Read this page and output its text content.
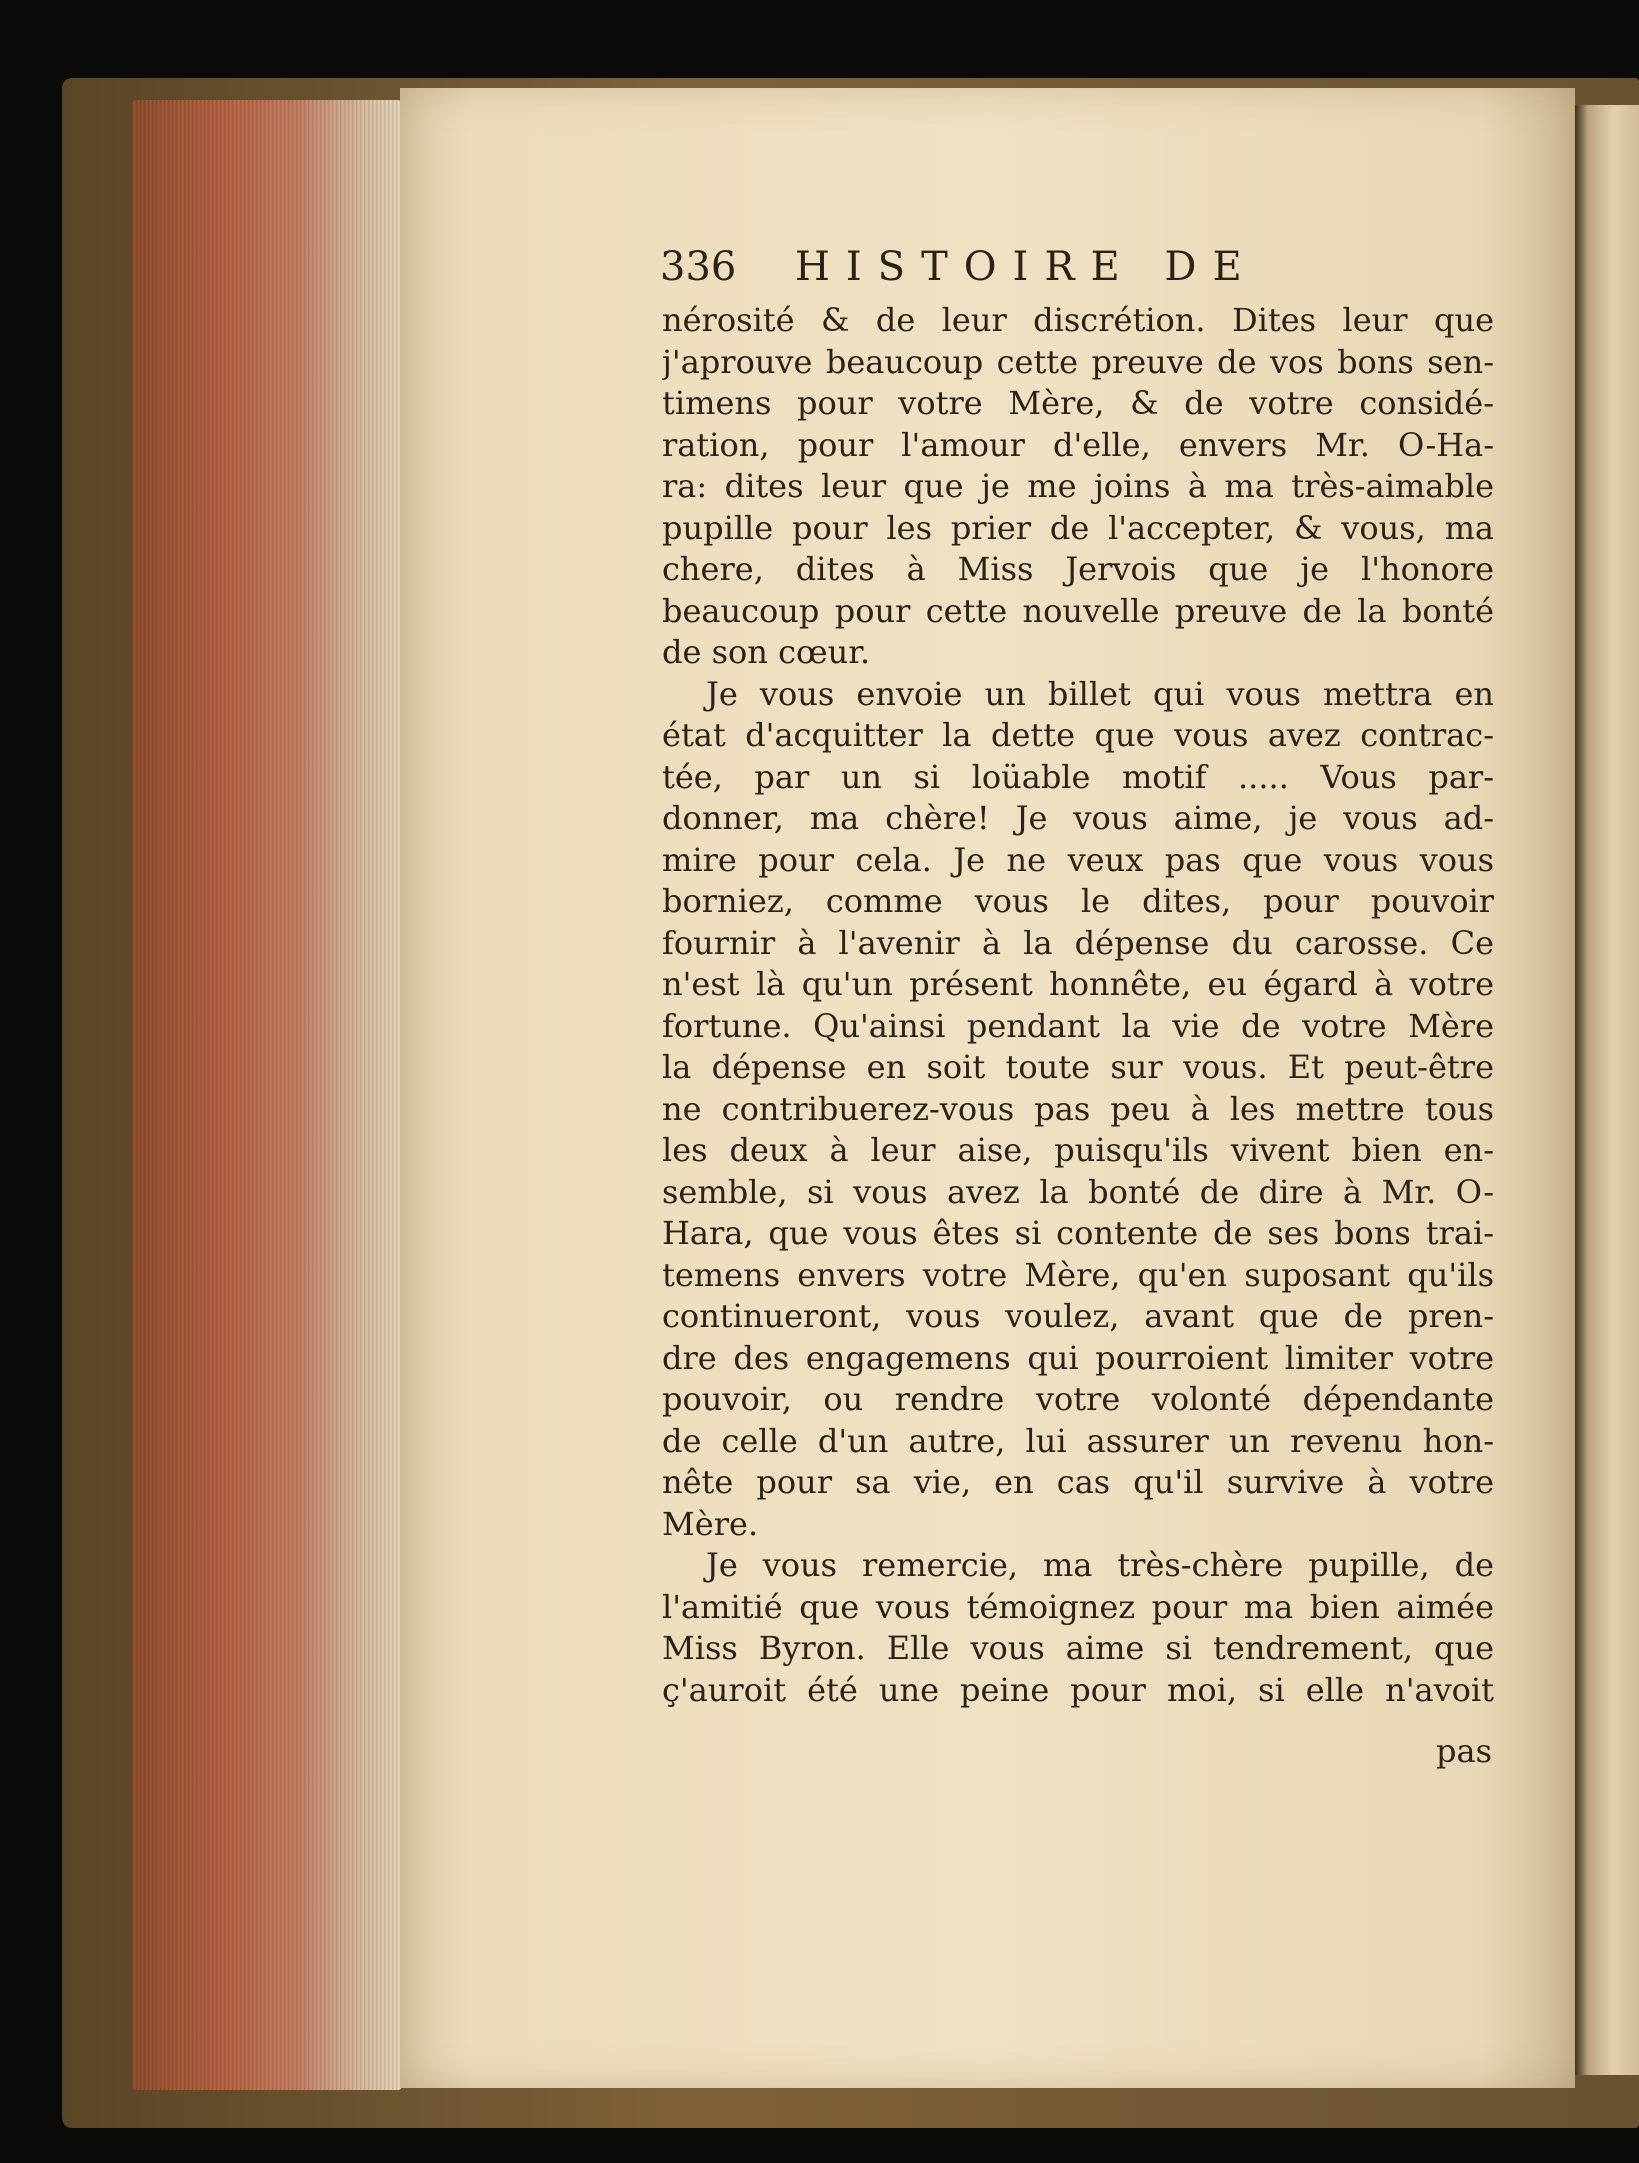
336 HISTOIRE DE
nérosité & de leur discrétion. Dites leur que
j'aprouve beaucoup cette preuve de vos bons sen-
timens pour votre Mère, & de votre considé-
ration, pour l'amour d'elle, envers Mr. O-Ha-
ra: dites leur que je me joins à ma très-aimable
pupille pour les prier de l'accepter, & vous, ma
chere, dites à Miss Jervois que je l'honore
beaucoup pour cette nouvelle preuve de la bonté
de son cœur.
Je vous envoie un billet qui vous mettra en
état d'acquitter la dette que vous avez contrac-
tée, par un si loüable motif ..... Vous par-
donner, ma chère! Je vous aime, je vous ad-
mire pour cela. Je ne veux pas que vous vous
borniez, comme vous le dites, pour pouvoir
fournir à l'avenir à la dépense du carosse. Ce
n'est là qu'un présent honnête, eu égard à votre
fortune. Qu'ainsi pendant la vie de votre Mère
la dépense en soit toute sur vous. Et peut-être
ne contribuerez-vous pas peu à les mettre tous
les deux à leur aise, puisqu'ils vivent bien en-
semble, si vous avez la bonté de dire à Mr. O-
Hara, que vous êtes si contente de ses bons trai-
temens envers votre Mère, qu'en suposant qu'ils
continueront, vous voulez, avant que de pren-
dre des engagemens qui pourroient limiter votre
pouvoir, ou rendre votre volonté dépendante
de celle d'un autre, lui assurer un revenu hon-
nête pour sa vie, en cas qu'il survive à votre
Mère.
Je vous remercie, ma très-chère pupille, de
l'amitié que vous témoignez pour ma bien aimée
Miss Byron. Elle vous aime si tendrement, que
ç'auroit été une peine pour moi, si elle n'avoit
pas
